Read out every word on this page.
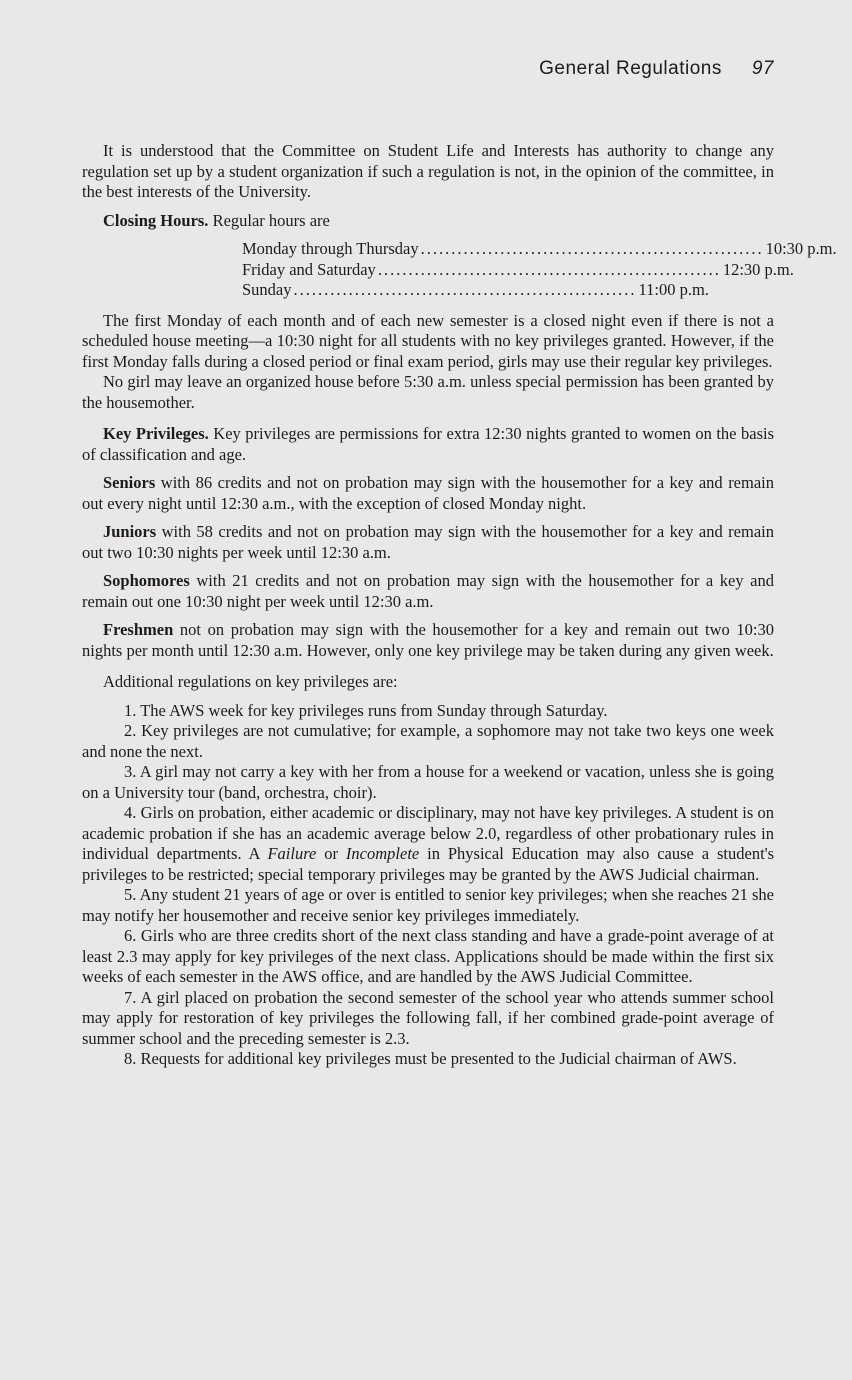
General Regulations 97

It is understood that the Committee on Student Life and Interests has authority to change any regulation set up by a student organization if such a regulation is not, in the opinion of the committee, in the best interests of the University.

Closing Hours. Regular hours are

Monday through Thursday ........................................................ 10:30 p.m.
Friday and Saturday ........................................................ 12:30 p.m.
Sunday ........................................................ 11:00 p.m.

The first Monday of each month and of each new semester is a closed night even if there is not a scheduled house meeting—a 10:30 night for all students with no key privileges granted. However, if the first Monday falls during a closed period or final exam period, girls may use their regular key privileges.

No girl may leave an organized house before 5:30 a.m. unless special permission has been granted by the housemother.

Key Privileges. Key privileges are permissions for extra 12:30 nights granted to women on the basis of classification and age.

Seniors with 86 credits and not on probation may sign with the housemother for a key and remain out every night until 12:30 a.m., with the exception of closed Monday night.

Juniors with 58 credits and not on probation may sign with the housemother for a key and remain out two 10:30 nights per week until 12:30 a.m.

Sophomores with 21 credits and not on probation may sign with the housemother for a key and remain out one 10:30 night per week until 12:30 a.m.

Freshmen not on probation may sign with the housemother for a key and remain out two 10:30 nights per month until 12:30 a.m. However, only one key privilege may be taken during any given week.

Additional regulations on key privileges are:

1. The AWS week for key privileges runs from Sunday through Saturday.

2. Key privileges are not cumulative; for example, a sophomore may not take two keys one week and none the next.

3. A girl may not carry a key with her from a house for a weekend or vacation, unless she is going on a University tour (band, orchestra, choir).

4. Girls on probation, either academic or disciplinary, may not have key privileges. A student is on academic probation if she has an academic average below 2.0, regardless of other probationary rules in individual departments. A Failure or Incomplete in Physical Education may also cause a student's privileges to be restricted; special temporary privileges may be granted by the AWS Judicial chairman.

5. Any student 21 years of age or over is entitled to senior key privileges; when she reaches 21 she may notify her housemother and receive senior key privileges immediately.

6. Girls who are three credits short of the next class standing and have a grade-point average of at least 2.3 may apply for key privileges of the next class. Applications should be made within the first six weeks of each semester in the AWS office, and are handled by the AWS Judicial Committee.

7. A girl placed on probation the second semester of the school year who attends summer school may apply for restoration of key privileges the following fall, if her combined grade-point average of summer school and the preceding semester is 2.3.

8. Requests for additional key privileges must be presented to the Judicial chairman of AWS.
